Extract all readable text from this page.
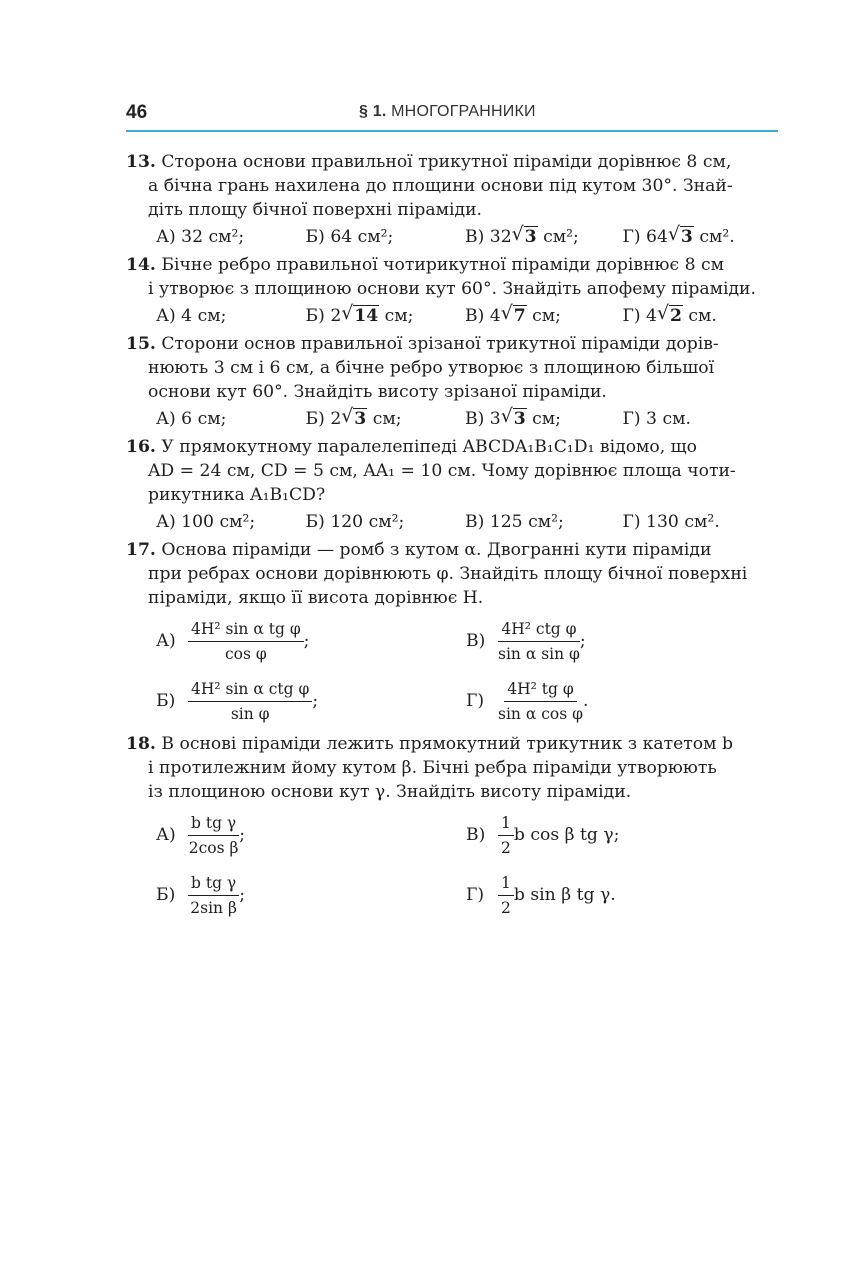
46	§ 1. МНОГОГРАННИКИ
13. Сторона основи правильної трикутної піраміди дорівнює 8 см,
а бічна грань нахилена до площини основи під кутом 30°. Знай-
діть площу бічної поверхні піраміди.
А) 32 см²;	Б) 64 см²;	В) 32 √ 3 см²;	Г) 64 √ 3 см².
14. Бічне ребро правильної чотирикутної піраміди дорівнює 8 см
і утворює з площиною основи кут 60°. Знайдіть апофему піраміди.
А) 4 см;	Б) 2 √ 14 см;	В) 4 √ 7 см;	Г) 4 √ 2 см.
15. Сторони основ правильної зрізаної трикутної піраміди дорів-
нюють 3 см і 6 см, а бічне ребро утворює з площиною більшої
основи кут 60°. Знайдіть висоту зрізаної піраміди.
А) 6 см;	Б) 2 √ 3 см;	В) 3 √ 3 см;	Г) 3 см.
16. У прямокутному паралелепіпеді ABCDA₁B₁C₁D₁ відомо, що
AD = 24 см, CD = 5 см, AA₁ = 10 см. Чому дорівнює площа чоти-
рикутника A₁B₁CD?
А) 100 см²;	Б) 120 см²;	В) 125 см²;	Г) 130 см².
17. Основа піраміди — ромб з кутом α. Двогранні кути піраміди
при ребрах основи дорівнюють φ. Знайдіть площу бічної поверхні
піраміди, якщо її висота дорівнює H.
$А) \frac{\text{4H² sin α tg φ}}{\text{cos φ}}$ ;	$В) \frac{\text{4H² ctg φ}}{\text{sin α sin φ}}$ ;
$Б) \frac{\text{4H² sin α ctg φ}}{\text{sin φ}}$ ;	$Г) \frac{\text{4H² tg φ}}{\text{sin α cos φ}}$ .
18. В основі піраміди лежить прямокутний трикутник з катетом b
і протилежним йому кутом β. Бічні ребра піраміди утворюють
із площиною основи кут γ. Знайдіть висоту піраміди.
$А) \frac{\text{b tg γ}}{\text{2cos β}}$ ;	$В) \frac{1}{2}$ b cos β tg γ;
$Б) \frac{\text{b tg γ}}{\text{2sin β}}$ ;	$Г) \frac{1}{2}$ b sin β tg γ.
